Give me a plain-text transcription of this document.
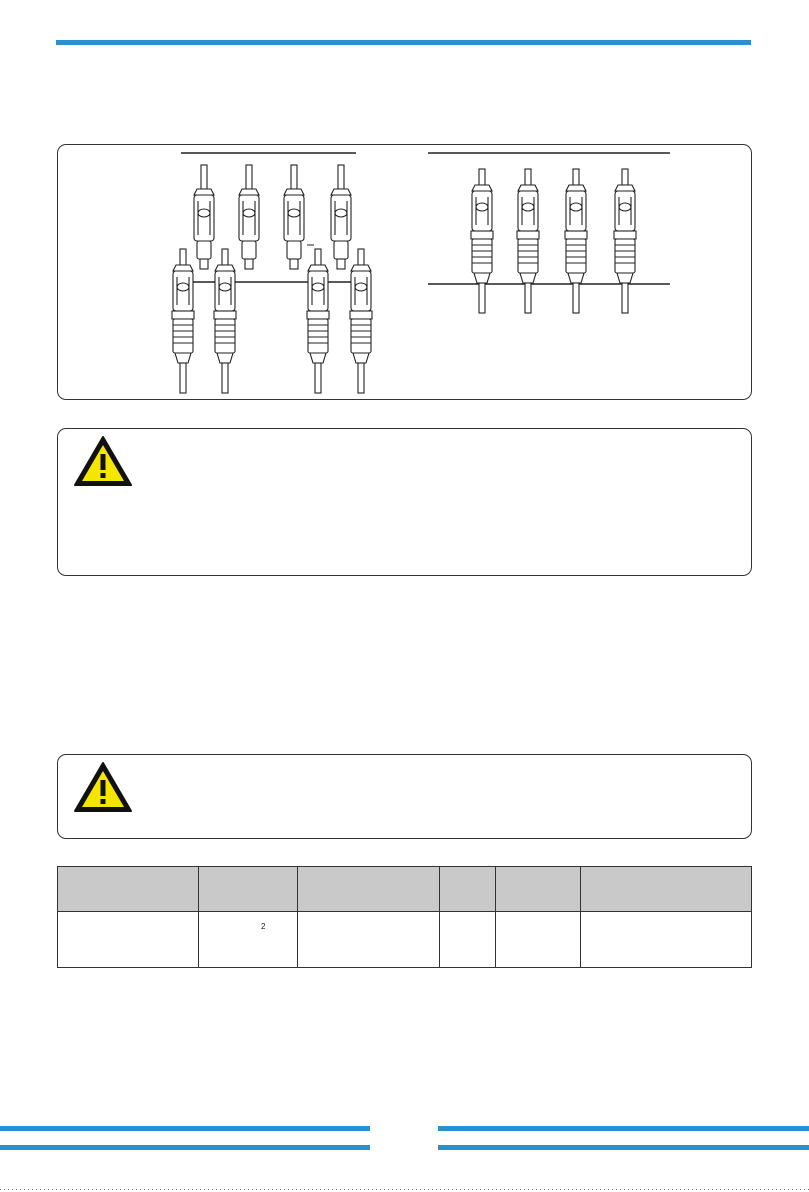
	2				
